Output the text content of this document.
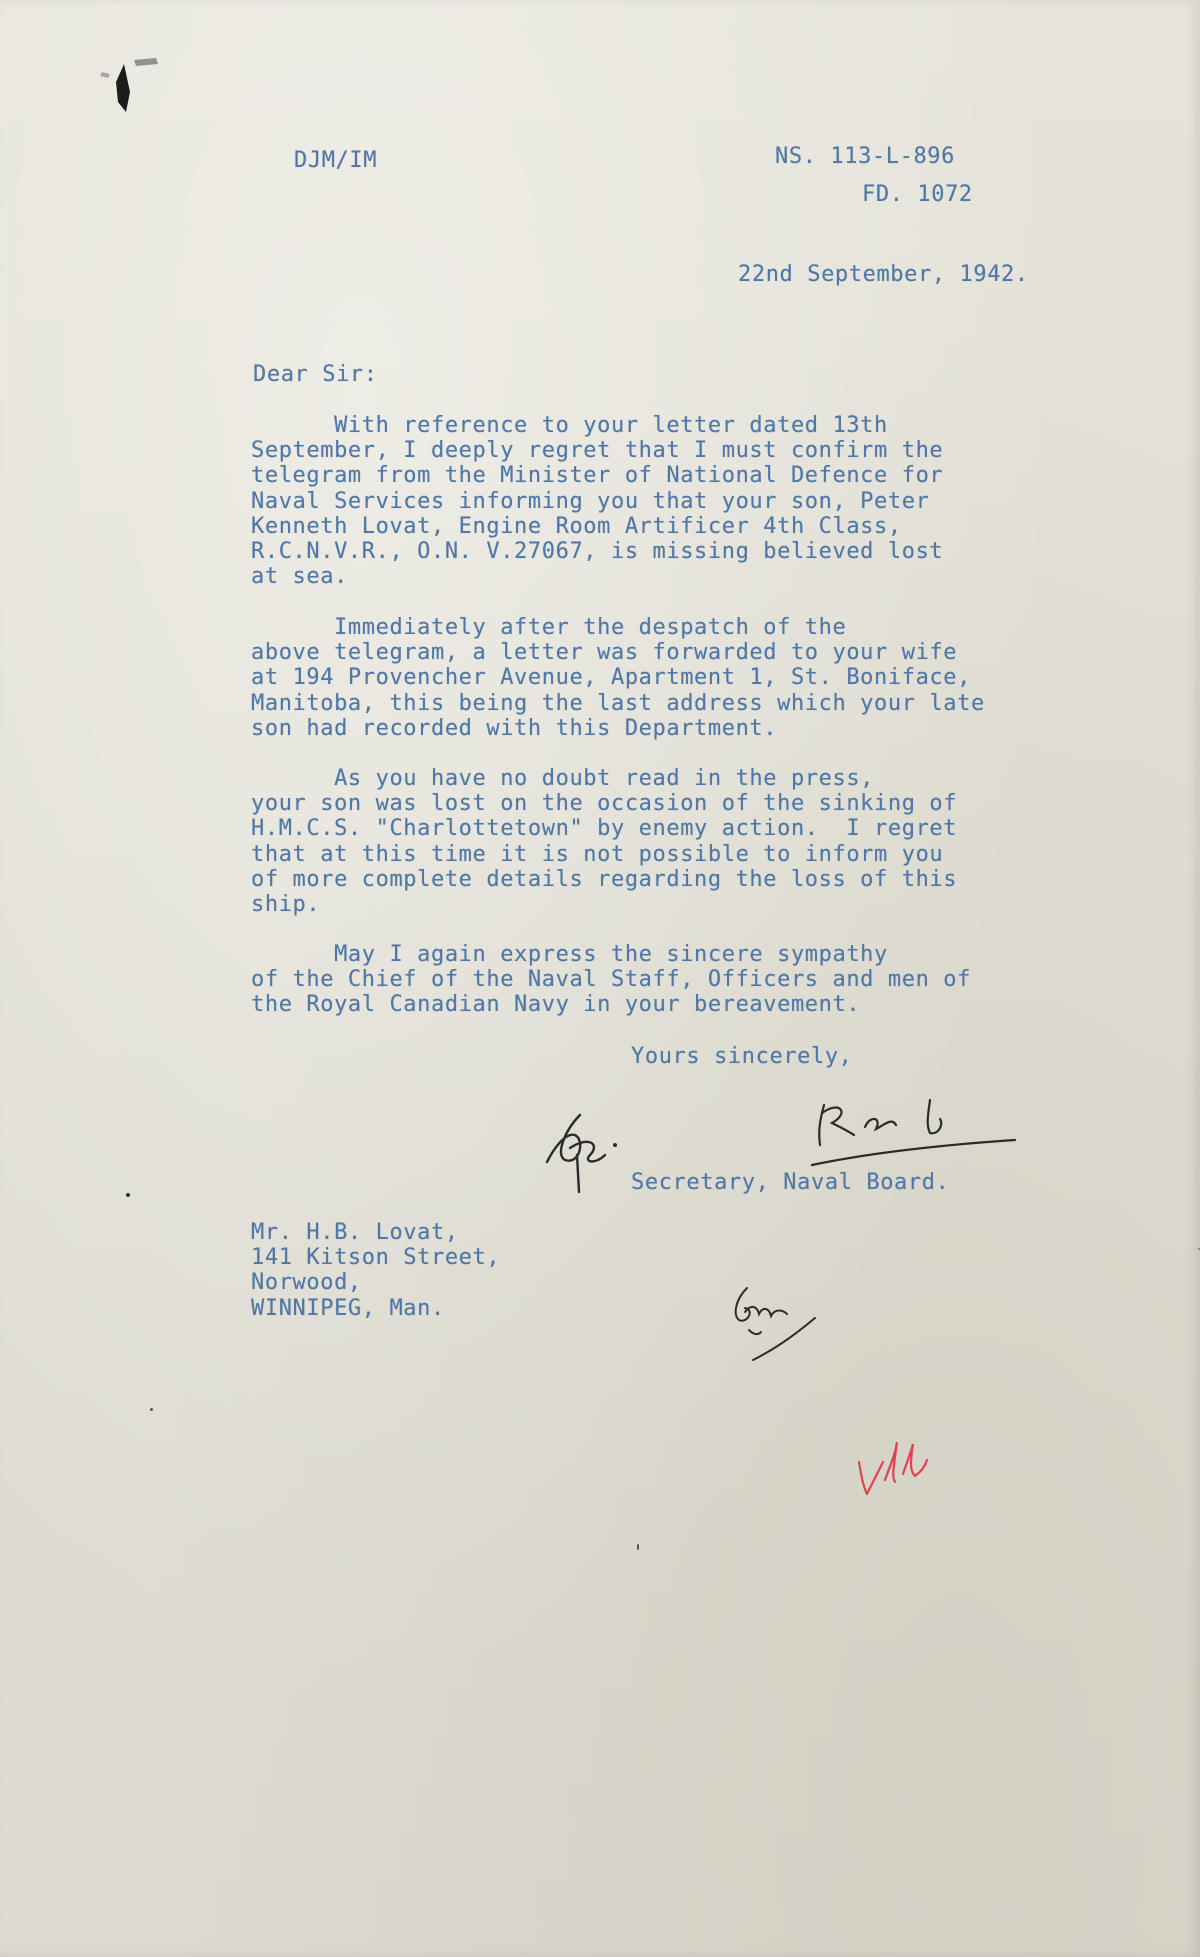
DJM/IM	NS. 113-L-896
FD. 1072
22nd September, 1942.
Dear Sir:
With reference to your letter dated 13th
September, I deeply regret that I must confirm the
telegram from the Minister of National Defence for
Naval Services informing you that your son, Peter
Kenneth Lovat, Engine Room Artificer 4th Class,
R.C.N.V.R., O.N. V.27067, is missing believed lost
at sea.
Immediately after the despatch of the
above telegram, a letter was forwarded to your wife
at 194 Provencher Avenue, Apartment 1, St. Boniface,
Manitoba, this being the last address which your late
son had recorded with this Department.
As you have no doubt read in the press,
your son was lost on the occasion of the sinking of
H.M.C.S. "Charlottetown" by enemy action.  I regret
that at this time it is not possible to inform you
of more complete details regarding the loss of this
ship.
May I again express the sincere sympathy
of the Chief of the Naval Staff, Officers and men of
the Royal Canadian Navy in your bereavement.
Yours sincerely,
Secretary, Naval Board.
Mr. H.B. Lovat,
141 Kitson Street,
Norwood,
WINNIPEG, Man.
